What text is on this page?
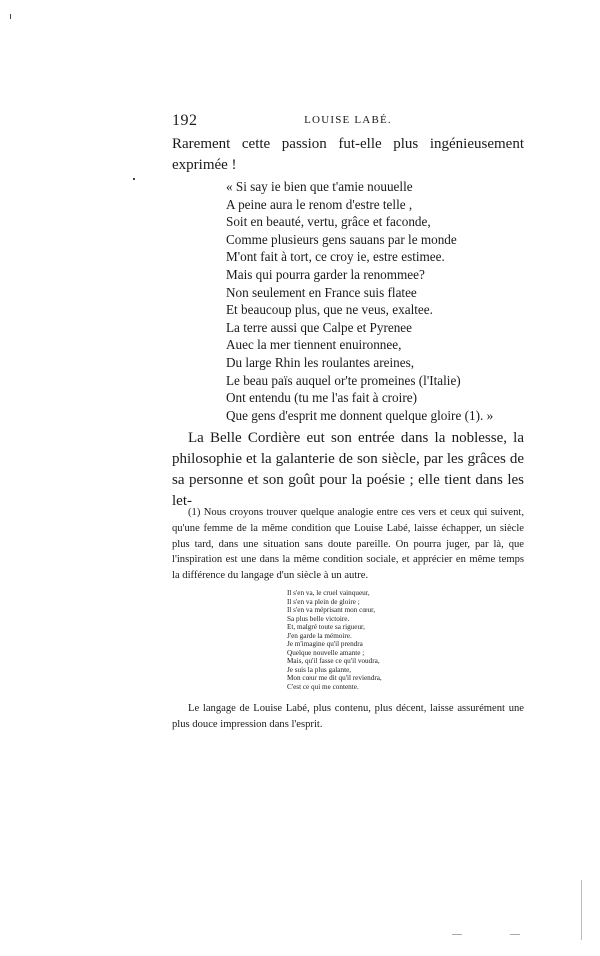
192	LOUISE LABÉ.

Rarement cette passion fut-elle plus ingénieusement exprimée !

« Si say ie bien que t'amie nouuelle
A peine aura le renom d'estre telle ,
Soit en beauté, vertu, grâce et faconde,
Comme plusieurs gens sauans par le monde
M'ont fait à tort, ce croy ie, estre estimee.
Mais qui pourra garder la renommee?
Non seulement en France suis flatee
Et beaucoup plus, que ne veus, exaltee.
La terre aussi que Calpe et Pyrenee
Auec la mer tiennent enuironnee,
Du large Rhin les roulantes areines,
Le beau païs auquel or'te promeines (l'Italie)
Ont entendu (tu me l'as fait à croire)
Que gens d'esprit me donnent quelque gloire (1). »

La Belle Cordière eut son entrée dans la noblesse, la philosophie et la galanterie de son siècle, par les grâces de sa personne et son goût pour la poésie ; elle tient dans les let-

(1) Nous croyons trouver quelque analogie entre ces vers et ceux qui suivent, qu'une femme de la même condition que Louise Labé, laisse échapper, un siècle plus tard, dans une situation sans doute pareille. On pourra juger, par là, que l'inspiration est une dans la même condition sociale, et apprécier en même temps la différence du langage d'un siècle à un autre.

Il s'en va, le cruel vainqueur,
Il s'en va plein de gloire ;
Il s'en va méprisant mon cœur,
Sa plus belle victoire.
Et, malgré toute sa rigueur,
J'en garde la mémoire.
Je m'imagine qu'il prendra
Quelque nouvelle amante ;
Mais, qu'il fasse ce qu'il voudra,
Je suis la plus galante,
Mon cœur me dit qu'il reviendra,
C'est ce qui me contente.

Le langage de Louise Labé, plus contenu, plus décent, laisse assurément une plus douce impression dans l'esprit.
